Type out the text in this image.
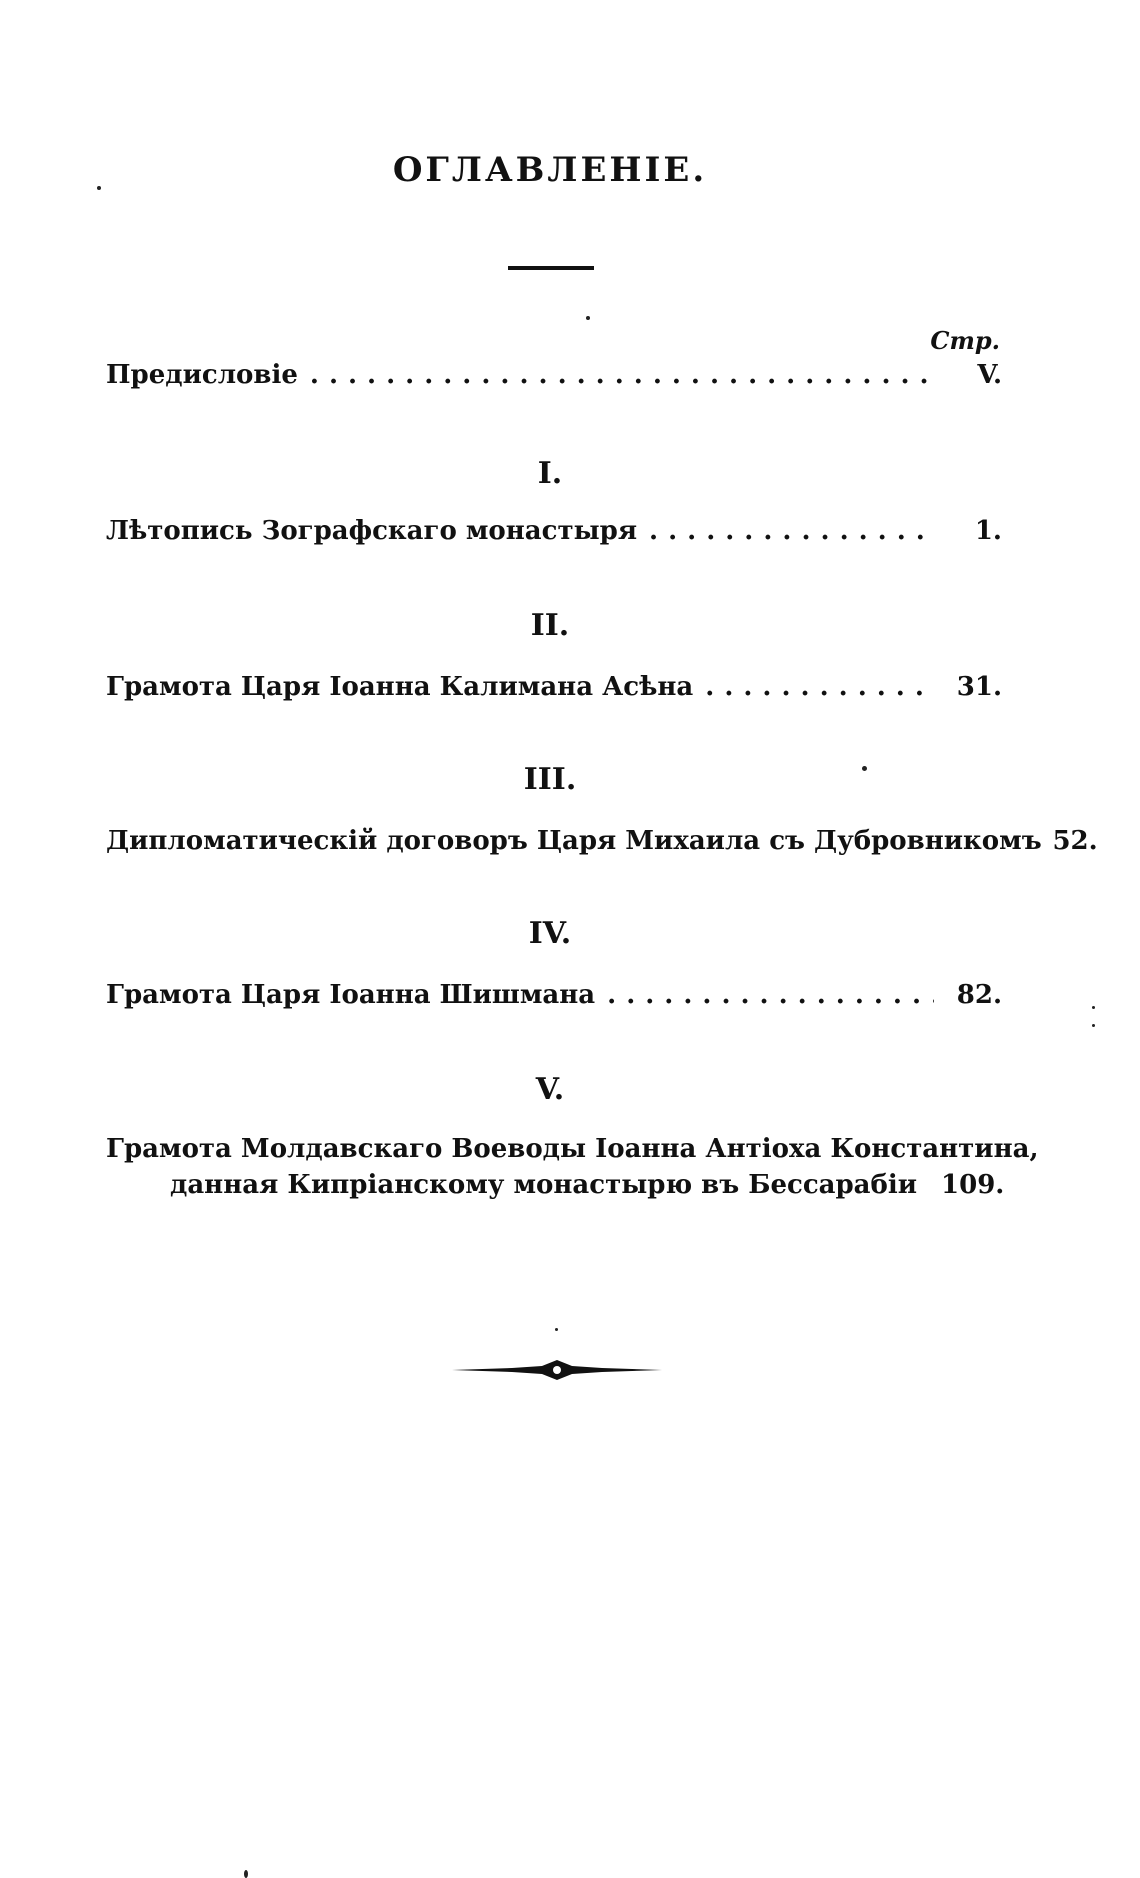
ОГЛАВЛЕНІЕ.
Стр.
Предисловіе .....	V.
I.
Лѣтопись Зографскаго монастыря .....	1.
II.
Грамота Царя Іоанна Калимана Асѣна .....	31.
III.
Дипломатическій договоръ Царя Михаила съ Дубровникомъ 52.
IV.
Грамота Царя Іоанна Шишмана .....	82.
V.
Грамота Молдавскаго Воеводы Іоанна Антіоха Константина,
данная Кипріанскому монастырю въ Бессарабіи 109.
